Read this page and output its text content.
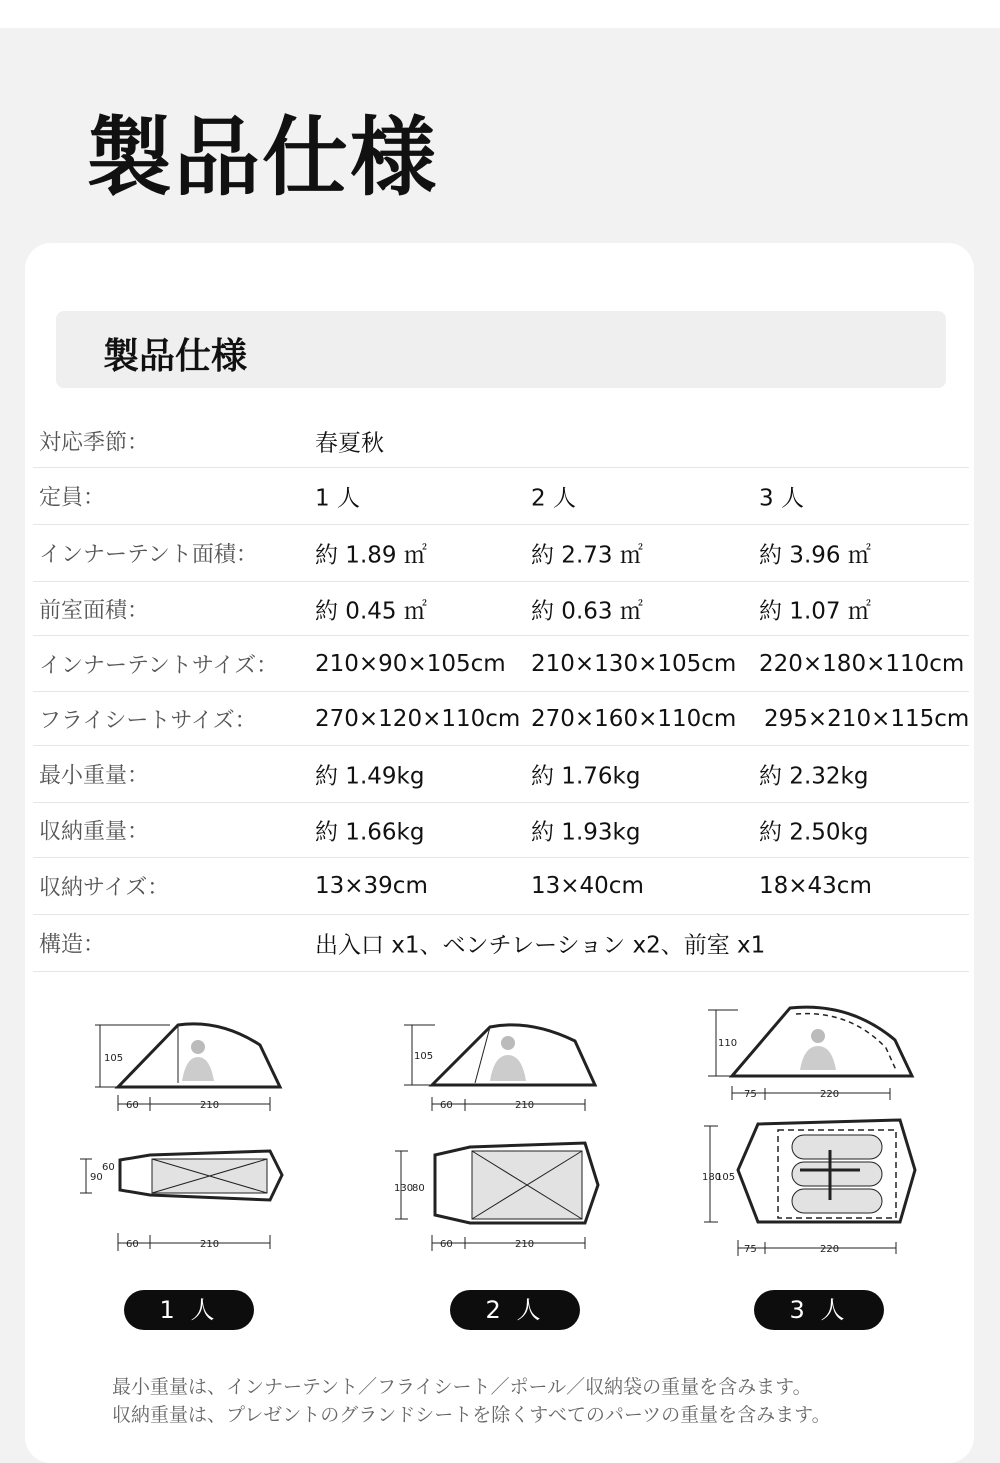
製品仕様
製品仕様
対応季節：	春夏秋
定員：	1 人	2 人	3 人
インナーテント面積： 約 1.89 ㎡	約 2.73 ㎡	約 3.96 ㎡
前室面積：	約 0.45 ㎡	約 0.63 ㎡	約 1.07 ㎡
インナーテントサイズ： 210×90×105cm 210×130×105cm 220×180×110cm
フライシートサイズ：	270×120×110cm 270×160×110cm 295×210×115cm
最小重量：	約 1.49kg	約 1.76kg	約 2.32kg
収納重量：	約 1.66kg	約 1.93kg	約 2.50kg
収納サイズ：	13×39cm	13×40cm	18×43cm
構造：	出入口 x1、ベンチレーション x2、前室 x1
105
60	210
90
60
60	210
105
60	210
130
80
60	210
110
75	220
180
105
75	220
1 人	2 人	3 人
最小重量は、インナーテント／フライシート／ポール／収納袋の重量を含みます。
収納重量は、プレゼントのグランドシートを除くすべてのパーツの重量を含みます。
